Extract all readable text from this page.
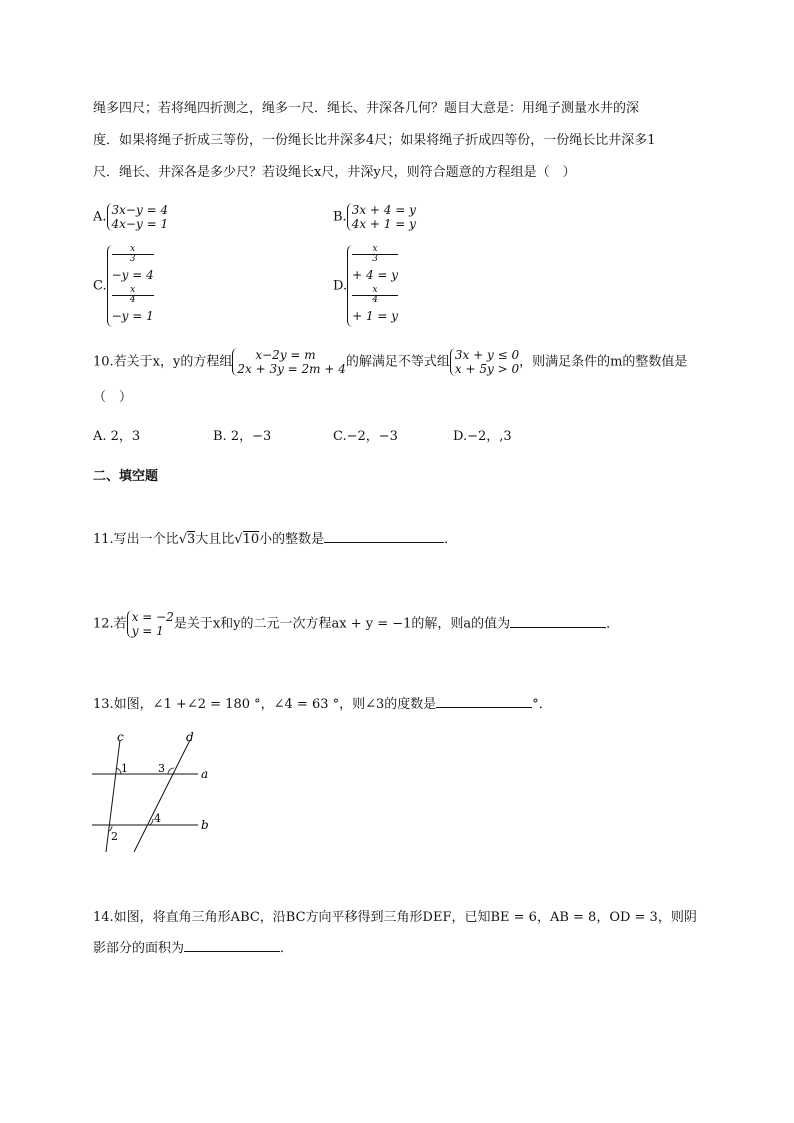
绳多四尺；若将绳四折测之，绳多一尺．绳长、井深各几何？题目大意是：用绳子测量水井的深
度．如果将绳子折成三等份，一份绳长比井深多4尺；如果将绳子折成四等份，一份绳长比井深多1
尺．绳长、井深各是多少尺？若设绳长x尺，井深y尺，则符合题意的方程组是（　）
A. 3x−y = 4
4x−y = 1	B. 3x + 4 = y
4x + 1 = y
C.
x
3
−y = 4
x
4
−y = 1
D.
x
3
+ 4 = y
x
4
+ 1 = y
10.若关于x，y的方程组	x−2y = m
2x + 3y = 2m + 4 的解满足不等式组 3x + y ≤ 0
x + 5y > 0 ，则满足条件的m的整数值是
（　）
A. 2，3	B. 2，−3	C.−2，−3	D.−2，,3
二、填空题
11.写出一个比√3大且比√10小的整数是	．
12.若 x = −2
y = 1 是关于x和y的二元一次方程ax + y = −1的解，则a的值为	．
13.如图，∠1 +∠2 = 180 °，∠4 = 63 °，则∠3的度数是	°．
c	d
a
b
1	3
2
4
14.如图，将直角三角形ABC，沿BC方向平移得到三角形DEF，已知BE = 6，AB = 8，OD = 3，则阴
影部分的面积为	．
